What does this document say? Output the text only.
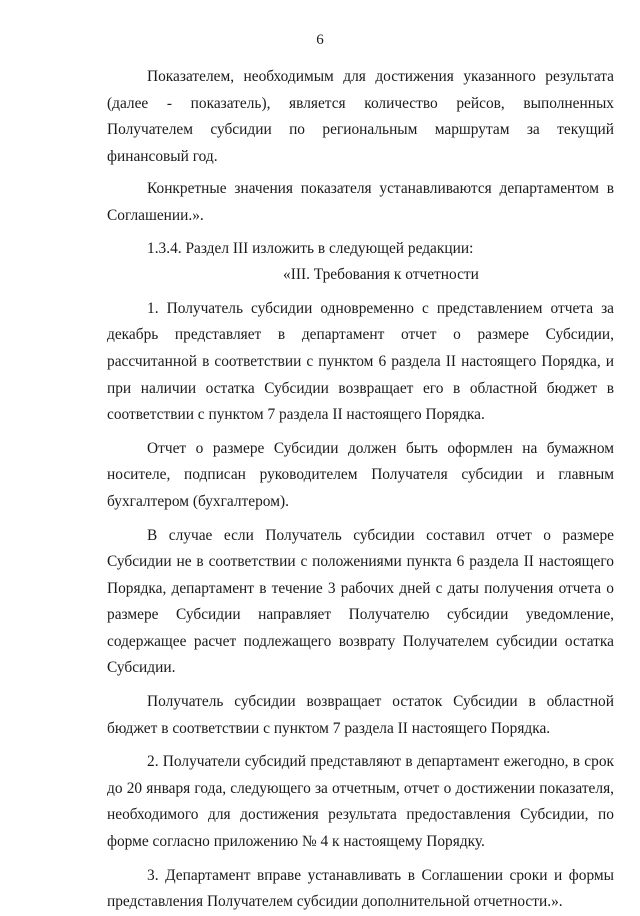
6

Показателем, необходимым для достижения указанного результата (далее - показатель), является количество рейсов, выполненных Получателем субсидии по региональным маршрутам за текущий финансовый год.

Конкретные значения показателя устанавливаются департаментом в Соглашении.».

1.3.4. Раздел III изложить в следующей редакции:

«III. Требования к отчетности

1. Получатель субсидии одновременно с представлением отчета за декабрь представляет в департамент отчет о размере Субсидии, рассчитанной в соответствии с пунктом 6 раздела II настоящего Порядка, и при наличии остатка Субсидии возвращает его в областной бюджет в соответствии с пунктом 7 раздела II настоящего Порядка.

Отчет о размере Субсидии должен быть оформлен на бумажном носителе, подписан руководителем Получателя субсидии и главным бухгалтером (бухгалтером).

В случае если Получатель субсидии составил отчет о размере Субсидии не в соответствии с положениями пункта 6 раздела II настоящего Порядка, департамент в течение 3 рабочих дней с даты получения отчета о размере Субсидии направляет Получателю субсидии уведомление, содержащее расчет подлежащего возврату Получателем субсидии остатка Субсидии.

Получатель субсидии возвращает остаток Субсидии в областной бюджет в соответствии с пунктом 7 раздела II настоящего Порядка.

2. Получатели субсидий представляют в департамент ежегодно, в срок до 20 января года, следующего за отчетным, отчет о достижении показателя, необходимого для достижения результата предоставления Субсидии, по форме согласно приложению № 4 к настоящему Порядку.

3. Департамент вправе устанавливать в Соглашении сроки и формы представления Получателем субсидии дополнительной отчетности.».
